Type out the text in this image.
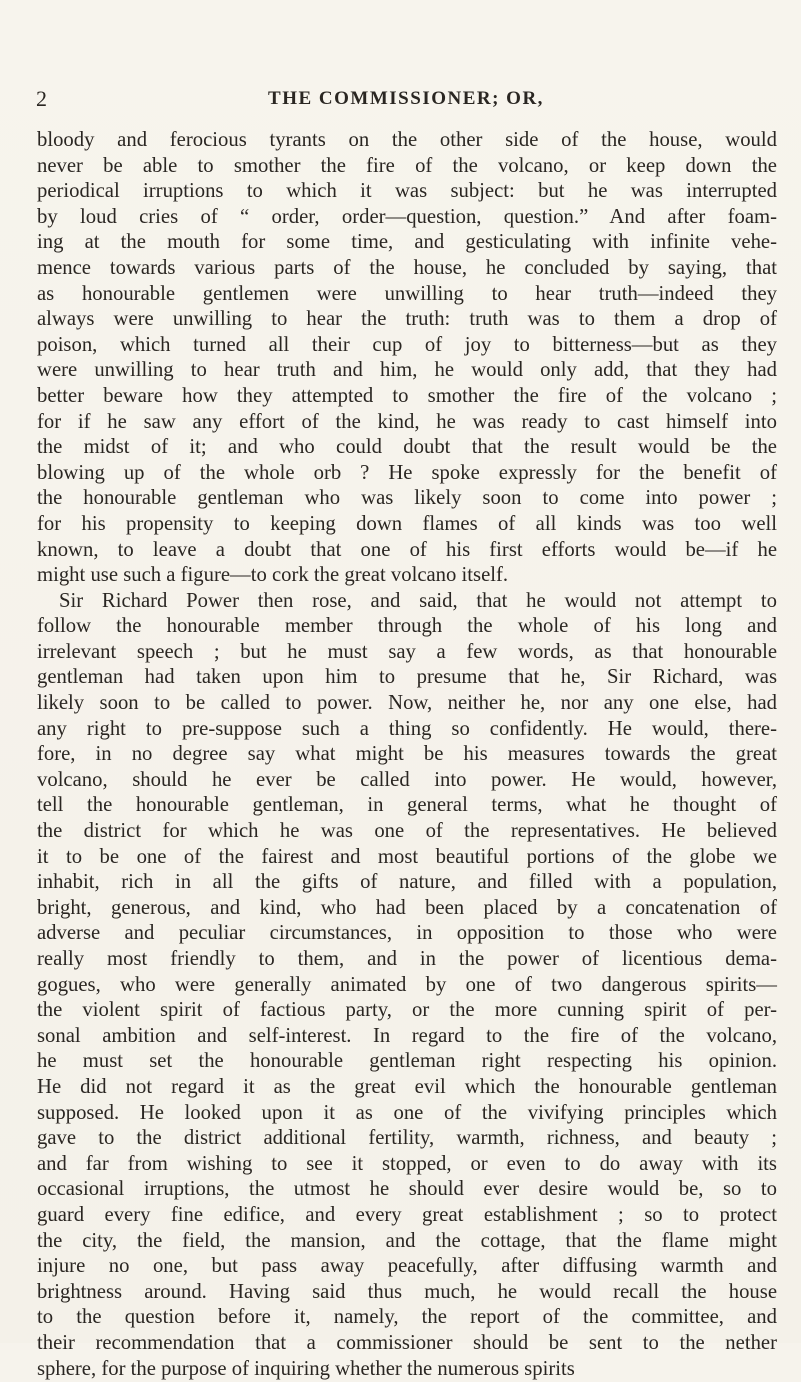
2	THE COMMISSIONER; OR,
bloody and ferocious tyrants on the other side of the house, would
never be able to smother the fire of the volcano, or keep down the
periodical irruptions to which it was subject: but he was interrupted
by loud cries of “ order, order—question, question.” And after foam-
ing at the mouth for some time, and gesticulating with infinite vehe-
mence towards various parts of the house, he concluded by saying, that
as honourable gentlemen were unwilling to hear truth—indeed they
always were unwilling to hear the truth: truth was to them a drop of
poison, which turned all their cup of joy to bitterness—but as they
were unwilling to hear truth and him, he would only add, that they had
better beware how they attempted to smother the fire of the volcano ;
for if he saw any effort of the kind, he was ready to cast himself into
the midst of it; and who could doubt that the result would be the
blowing up of the whole orb ? He spoke expressly for the benefit of
the honourable gentleman who was likely soon to come into power ;
for his propensity to keeping down flames of all kinds was too well
known, to leave a doubt that one of his first efforts would be—if he
might use such a figure—to cork the great volcano itself.
Sir Richard Power then rose, and said, that he would not attempt to
follow the honourable member through the whole of his long and
irrelevant speech ; but he must say a few words, as that honourable
gentleman had taken upon him to presume that he, Sir Richard, was
likely soon to be called to power. Now, neither he, nor any one else, had
any right to pre-suppose such a thing so confidently. He would, there-
fore, in no degree say what might be his measures towards the great
volcano, should he ever be called into power. He would, however,
tell the honourable gentleman, in general terms, what he thought of
the district for which he was one of the representatives. He believed
it to be one of the fairest and most beautiful portions of the globe we
inhabit, rich in all the gifts of nature, and filled with a population,
bright, generous, and kind, who had been placed by a concatenation of
adverse and peculiar circumstances, in opposition to those who were
really most friendly to them, and in the power of licentious dema-
gogues, who were generally animated by one of two dangerous spirits—
the violent spirit of factious party, or the more cunning spirit of per-
sonal ambition and self-interest. In regard to the fire of the volcano,
he must set the honourable gentleman right respecting his opinion.
He did not regard it as the great evil which the honourable gentleman
supposed. He looked upon it as one of the vivifying principles which
gave to the district additional fertility, warmth, richness, and beauty ;
and far from wishing to see it stopped, or even to do away with its
occasional irruptions, the utmost he should ever desire would be, so to
guard every fine edifice, and every great establishment ; so to protect
the city, the field, the mansion, and the cottage, that the flame might
injure no one, but pass away peacefully, after diffusing warmth and
brightness around. Having said thus much, he would recall the house
to the question before it, namely, the report of the committee, and
their recommendation that a commissioner should be sent to the nether
sphere, for the purpose of inquiring whether the numerous spirits
